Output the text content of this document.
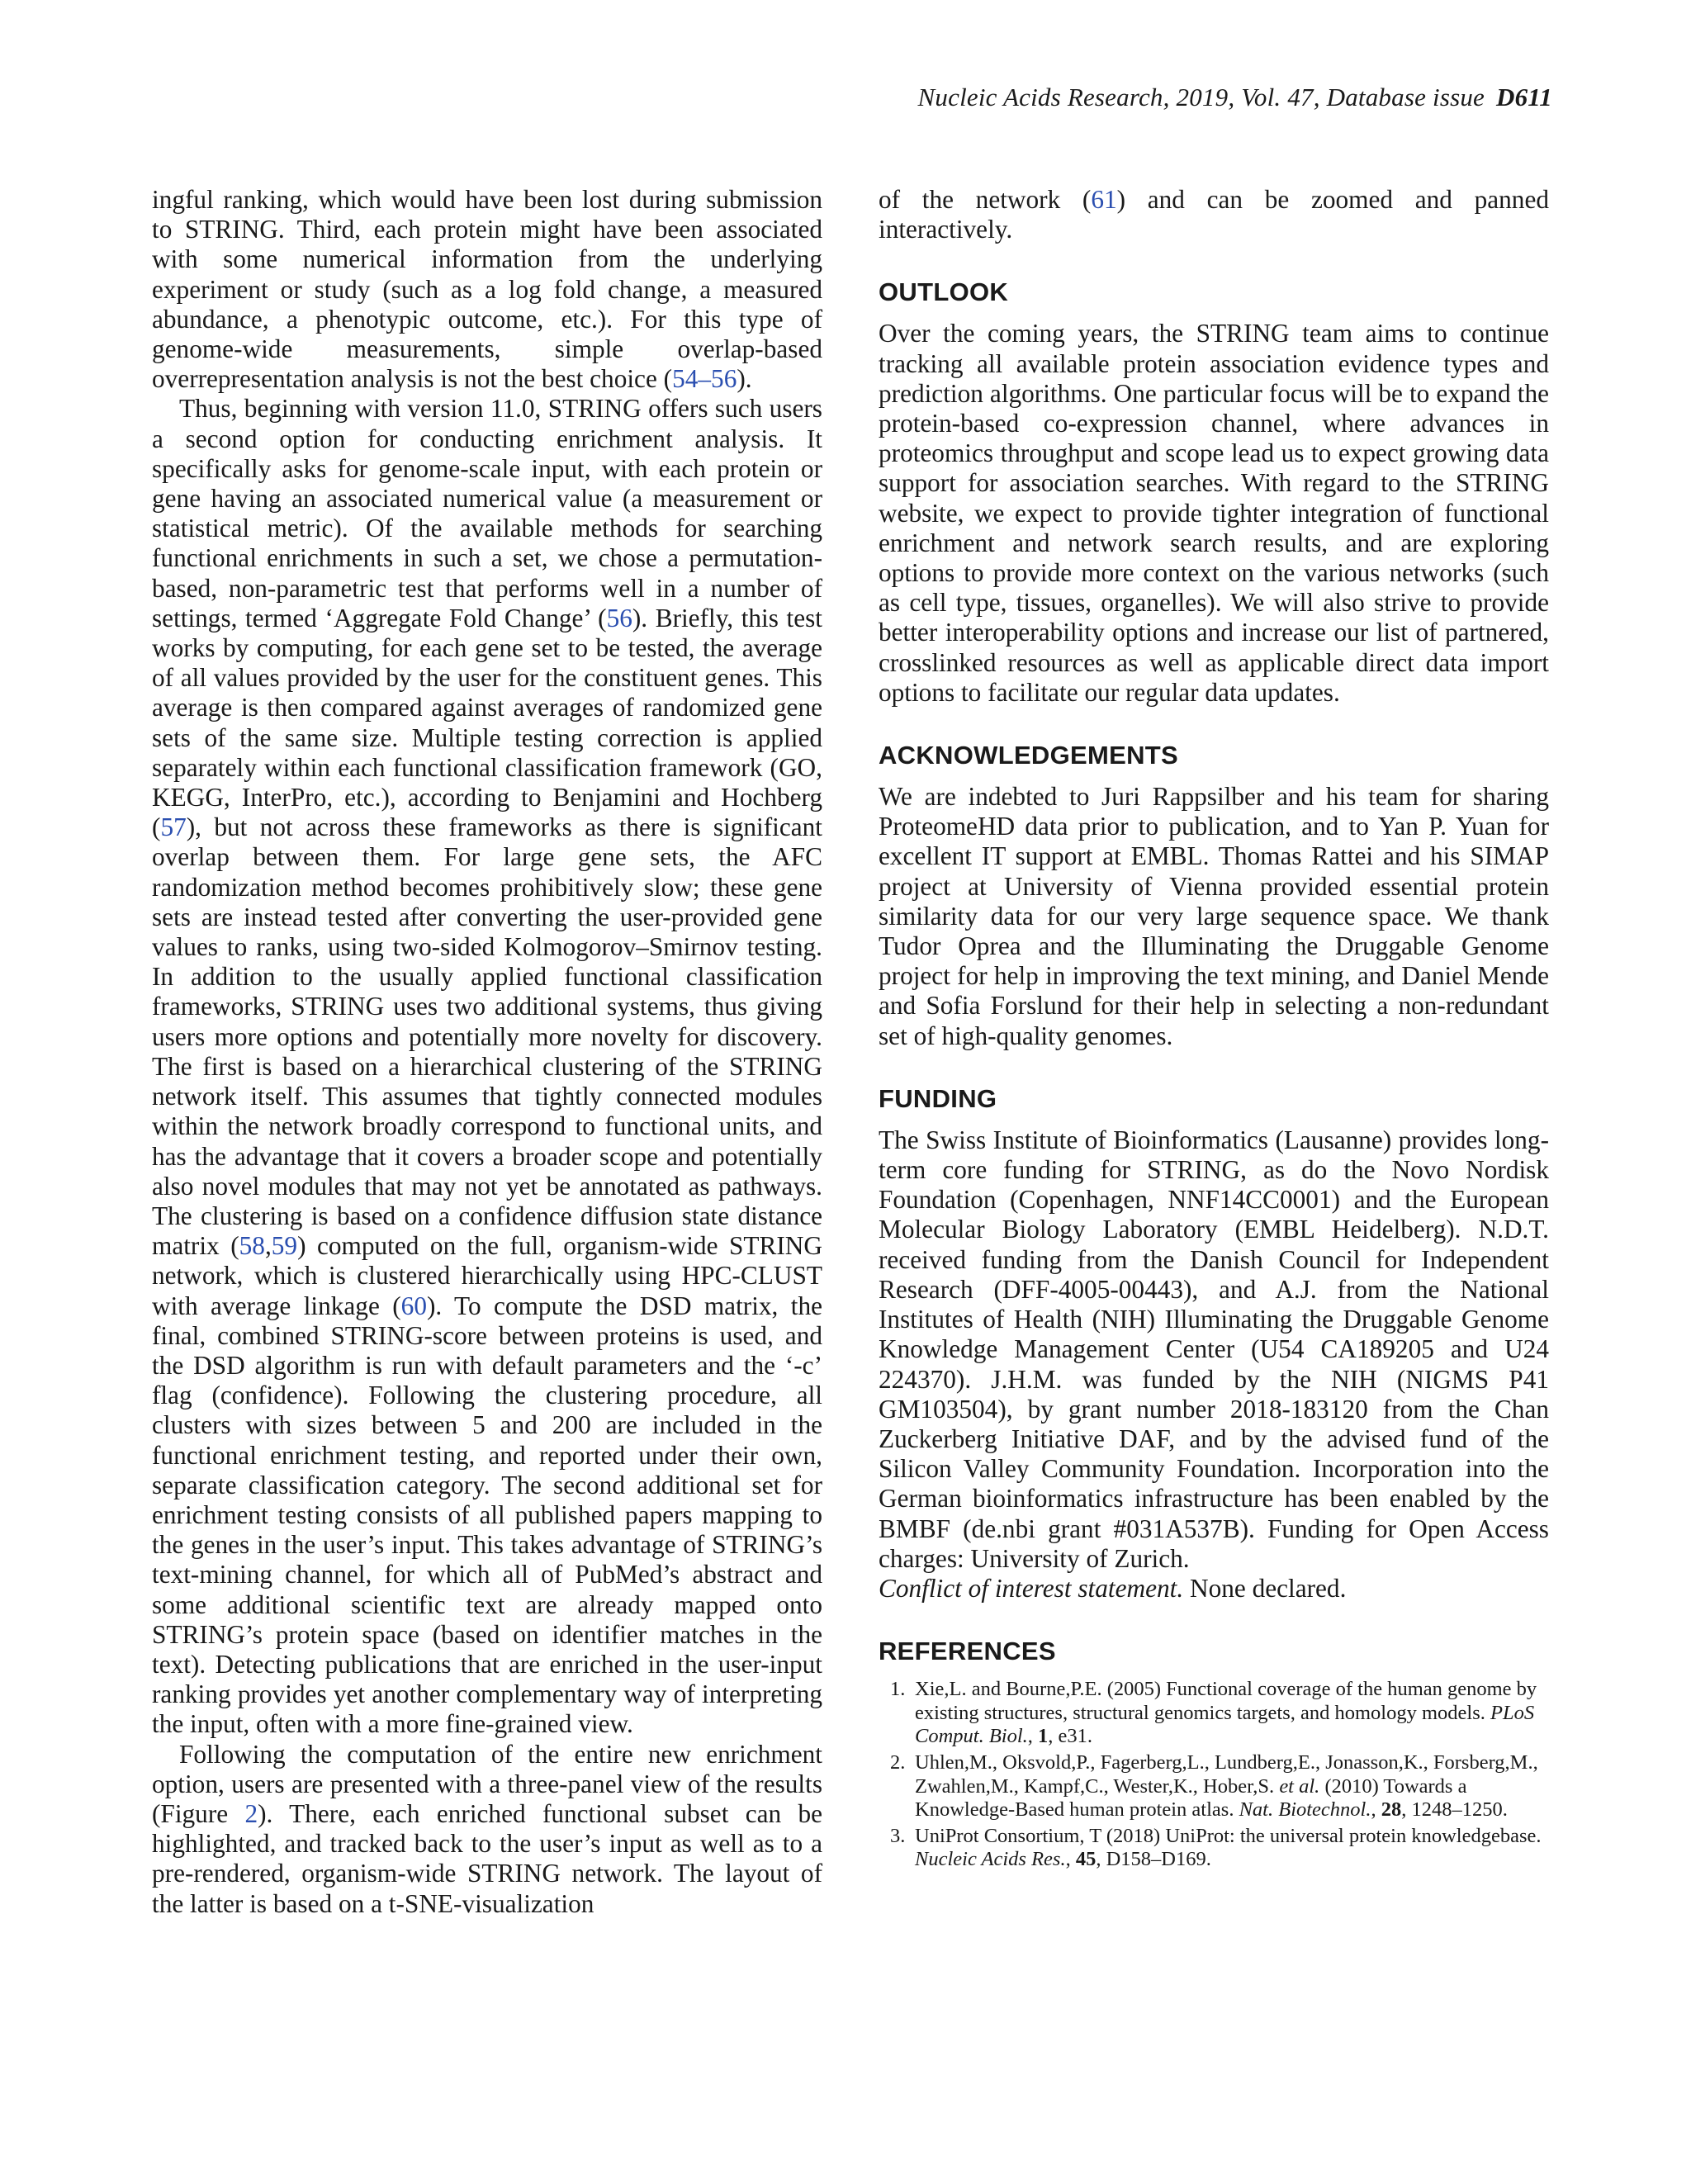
Nucleic Acids Research, 2019, Vol. 47, Database issue D611

ingful ranking, which would have been lost during submission to STRING. Third, each protein might have been associated with some numerical information from the underlying experiment or study (such as a log fold change, a measured abundance, a phenotypic outcome, etc.). For this type of genome-wide measurements, simple overlap-based overrepresentation analysis is not the best choice (54–56).

Thus, beginning with version 11.0, STRING offers such users a second option for conducting enrichment analysis. It specifically asks for genome-scale input, with each protein or gene having an associated numerical value (a measurement or statistical metric). Of the available methods for searching functional enrichments in such a set, we chose a permutation-based, non-parametric test that performs well in a number of settings, termed ‘Aggregate Fold Change’ (56). Briefly, this test works by computing, for each gene set to be tested, the average of all values provided by the user for the constituent genes. This average is then compared against averages of randomized gene sets of the same size. Multiple testing correction is applied separately within each functional classification framework (GO, KEGG, InterPro, etc.), according to Benjamini and Hochberg (57), but not across these frameworks as there is significant overlap between them. For large gene sets, the AFC randomization method becomes prohibitively slow; these gene sets are instead tested after converting the user-provided gene values to ranks, using two-sided Kolmogorov–Smirnov testing. In addition to the usually applied functional classification frameworks, STRING uses two additional systems, thus giving users more options and potentially more novelty for discovery. The first is based on a hierarchical clustering of the STRING network itself. This assumes that tightly connected modules within the network broadly correspond to functional units, and has the advantage that it covers a broader scope and potentially also novel modules that may not yet be annotated as pathways. The clustering is based on a confidence diffusion state distance matrix (58,59) computed on the full, organism-wide STRING network, which is clustered hierarchically using HPC-CLUST with average linkage (60). To compute the DSD matrix, the final, combined STRING-score between proteins is used, and the DSD algorithm is run with default parameters and the ‘-c’ flag (confidence). Following the clustering procedure, all clusters with sizes between 5 and 200 are included in the functional enrichment testing, and reported under their own, separate classification category. The second additional set for enrichment testing consists of all published papers mapping to the genes in the user’s input. This takes advantage of STRING’s text-mining channel, for which all of PubMed’s abstract and some additional scientific text are already mapped onto STRING’s protein space (based on identifier matches in the text). Detecting publications that are enriched in the user-input ranking provides yet another complementary way of interpreting the input, often with a more fine-grained view.

Following the computation of the entire new enrichment option, users are presented with a three-panel view of the results (Figure 2). There, each enriched functional subset can be highlighted, and tracked back to the user’s input as well as to a pre-rendered, organism-wide STRING network. The layout of the latter is based on a t-SNE-visualization

of the network (61) and can be zoomed and panned interactively.

OUTLOOK

Over the coming years, the STRING team aims to continue tracking all available protein association evidence types and prediction algorithms. One particular focus will be to expand the protein-based co-expression channel, where advances in proteomics throughput and scope lead us to expect growing data support for association searches. With regard to the STRING website, we expect to provide tighter integration of functional enrichment and network search results, and are exploring options to provide more context on the various networks (such as cell type, tissues, organelles). We will also strive to provide better interoperability options and increase our list of partnered, crosslinked resources as well as applicable direct data import options to facilitate our regular data updates.

ACKNOWLEDGEMENTS

We are indebted to Juri Rappsilber and his team for sharing ProteomeHD data prior to publication, and to Yan P. Yuan for excellent IT support at EMBL. Thomas Rattei and his SIMAP project at University of Vienna provided essential protein similarity data for our very large sequence space. We thank Tudor Oprea and the Illuminating the Druggable Genome project for help in improving the text mining, and Daniel Mende and Sofia Forslund for their help in selecting a non-redundant set of high-quality genomes.

FUNDING

The Swiss Institute of Bioinformatics (Lausanne) provides long-term core funding for STRING, as do the Novo Nordisk Foundation (Copenhagen, NNF14CC0001) and the European Molecular Biology Laboratory (EMBL Heidelberg). N.D.T. received funding from the Danish Council for Independent Research (DFF-4005-00443), and A.J. from the National Institutes of Health (NIH) Illuminating the Druggable Genome Knowledge Management Center (U54 CA189205 and U24 224370). J.H.M. was funded by the NIH (NIGMS P41 GM103504), by grant number 2018-183120 from the Chan Zuckerberg Initiative DAF, and by the advised fund of the Silicon Valley Community Foundation. Incorporation into the German bioinformatics infrastructure has been enabled by the BMBF (de.nbi grant #031A537B). Funding for Open Access charges: University of Zurich.

Conflict of interest statement. None declared.

REFERENCES
1. Xie,L. and Bourne,P.E. (2005) Functional coverage of the human genome by existing structures, structural genomics targets, and homology models. PLoS Comput. Biol., 1, e31.
2. Uhlen,M., Oksvold,P., Fagerberg,L., Lundberg,E., Jonasson,K., Forsberg,M., Zwahlen,M., Kampf,C., Wester,K., Hober,S. et al. (2010) Towards a Knowledge-Based human protein atlas. Nat. Biotechnol., 28, 1248–1250.
3. UniProt Consortium, T (2018) UniProt: the universal protein knowledgebase. Nucleic Acids Res., 45, D158–D169.
